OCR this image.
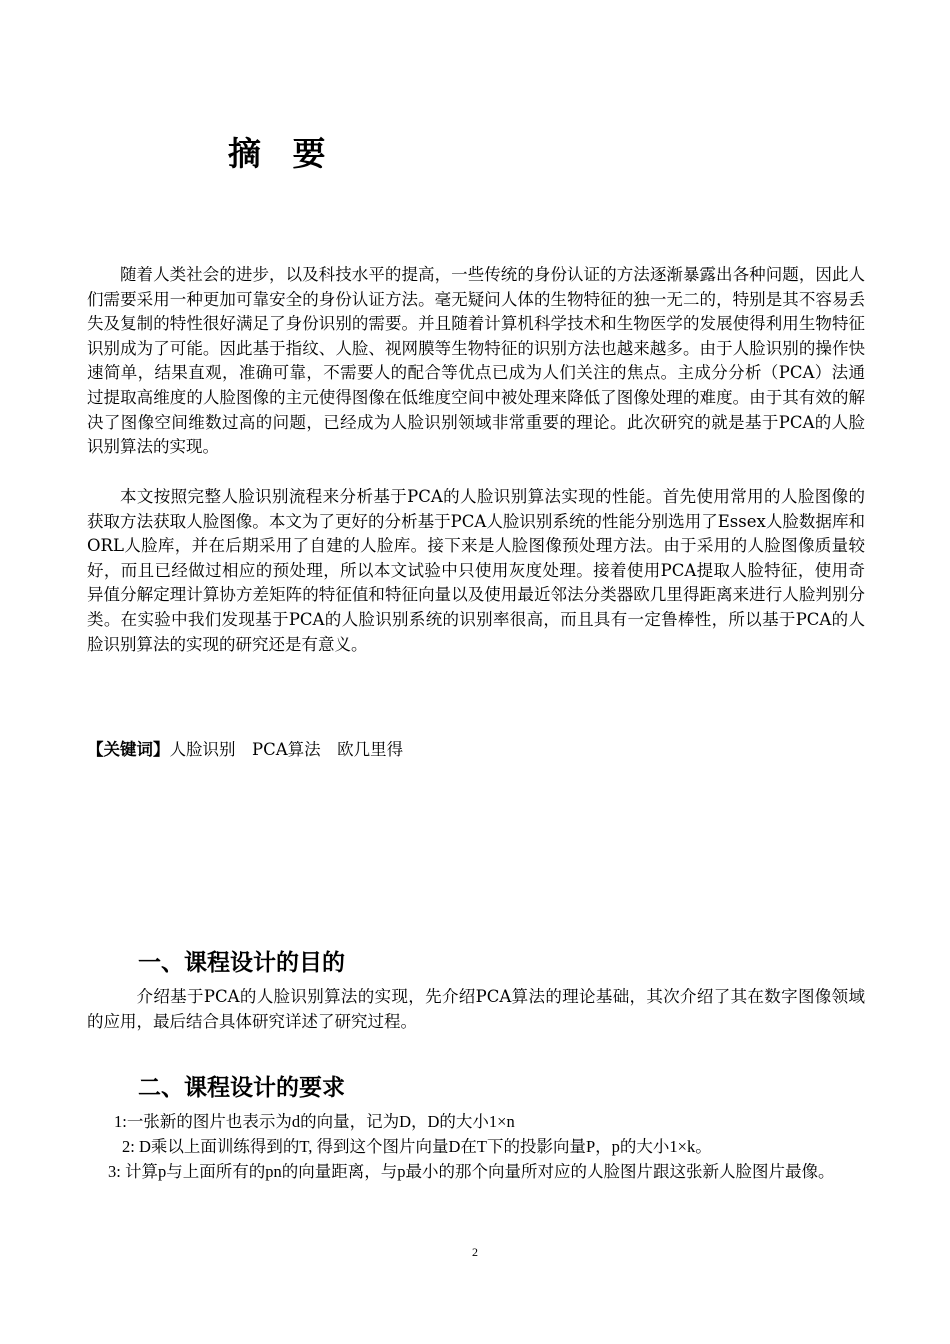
摘 要

随着人类社会的进步，以及科技水平的提高，一些传统的身份认证的方法逐渐暴露出各种问题，因此人们需要采用一种更加可靠安全的身份认证方法。毫无疑问人体的生物特征的独一无二的，特别是其不容易丢失及复制的特性很好满足了身份识别的需要。并且随着计算机科学技术和生物医学的发展使得利用生物特征识别成为了可能。因此基于指纹、人脸、视网膜等生物特征的识别方法也越来越多。由于人脸识别的操作快速简单，结果直观，准确可靠，不需要人的配合等优点已成为人们关注的焦点。主成分分析（PCA）法通过提取高维度的人脸图像的主元使得图像在低维度空间中被处理来降低了图像处理的难度。由于其有效的解决了图像空间维数过高的问题，已经成为人脸识别领域非常重要的理论。此次研究的就是基于PCA的人脸识别算法的实现。

本文按照完整人脸识别流程来分析基于PCA的人脸识别算法实现的性能。首先使用常用的人脸图像的获取方法获取人脸图像。本文为了更好的分析基于PCA人脸识别系统的性能分别选用了Essex人脸数据库和ORL人脸库，并在后期采用了自建的人脸库。接下来是人脸图像预处理方法。由于采用的人脸图像质量较好，而且已经做过相应的预处理，所以本文试验中只使用灰度处理。接着使用PCA提取人脸特征，使用奇异值分解定理计算协方差矩阵的特征值和特征向量以及使用最近邻法分类器欧几里得距离来进行人脸判别分类。在实验中我们发现基于PCA的人脸识别系统的识别率很高，而且具有一定鲁棒性，所以基于PCA的人脸识别算法的实现的研究还是有意义。

【关键词】人脸识别　PCA算法　欧几里得
一、课程设计的目的

介绍基于PCA的人脸识别算法的实现，先介绍PCA算法的理论基础，其次介绍了其在数字图像领域的应用，最后结合具体研究详述了研究过程。

二、课程设计的要求

1:一张新的图片也表示为d的向量，记为D，D的大小1×n

2: D乘以上面训练得到的T, 得到这个图片向量D在T下的投影向量P，p的大小1×k。

3: 计算p与上面所有的pn的向量距离，与p最小的那个向量所对应的人脸图片跟这张新人脸图片最像。

2
